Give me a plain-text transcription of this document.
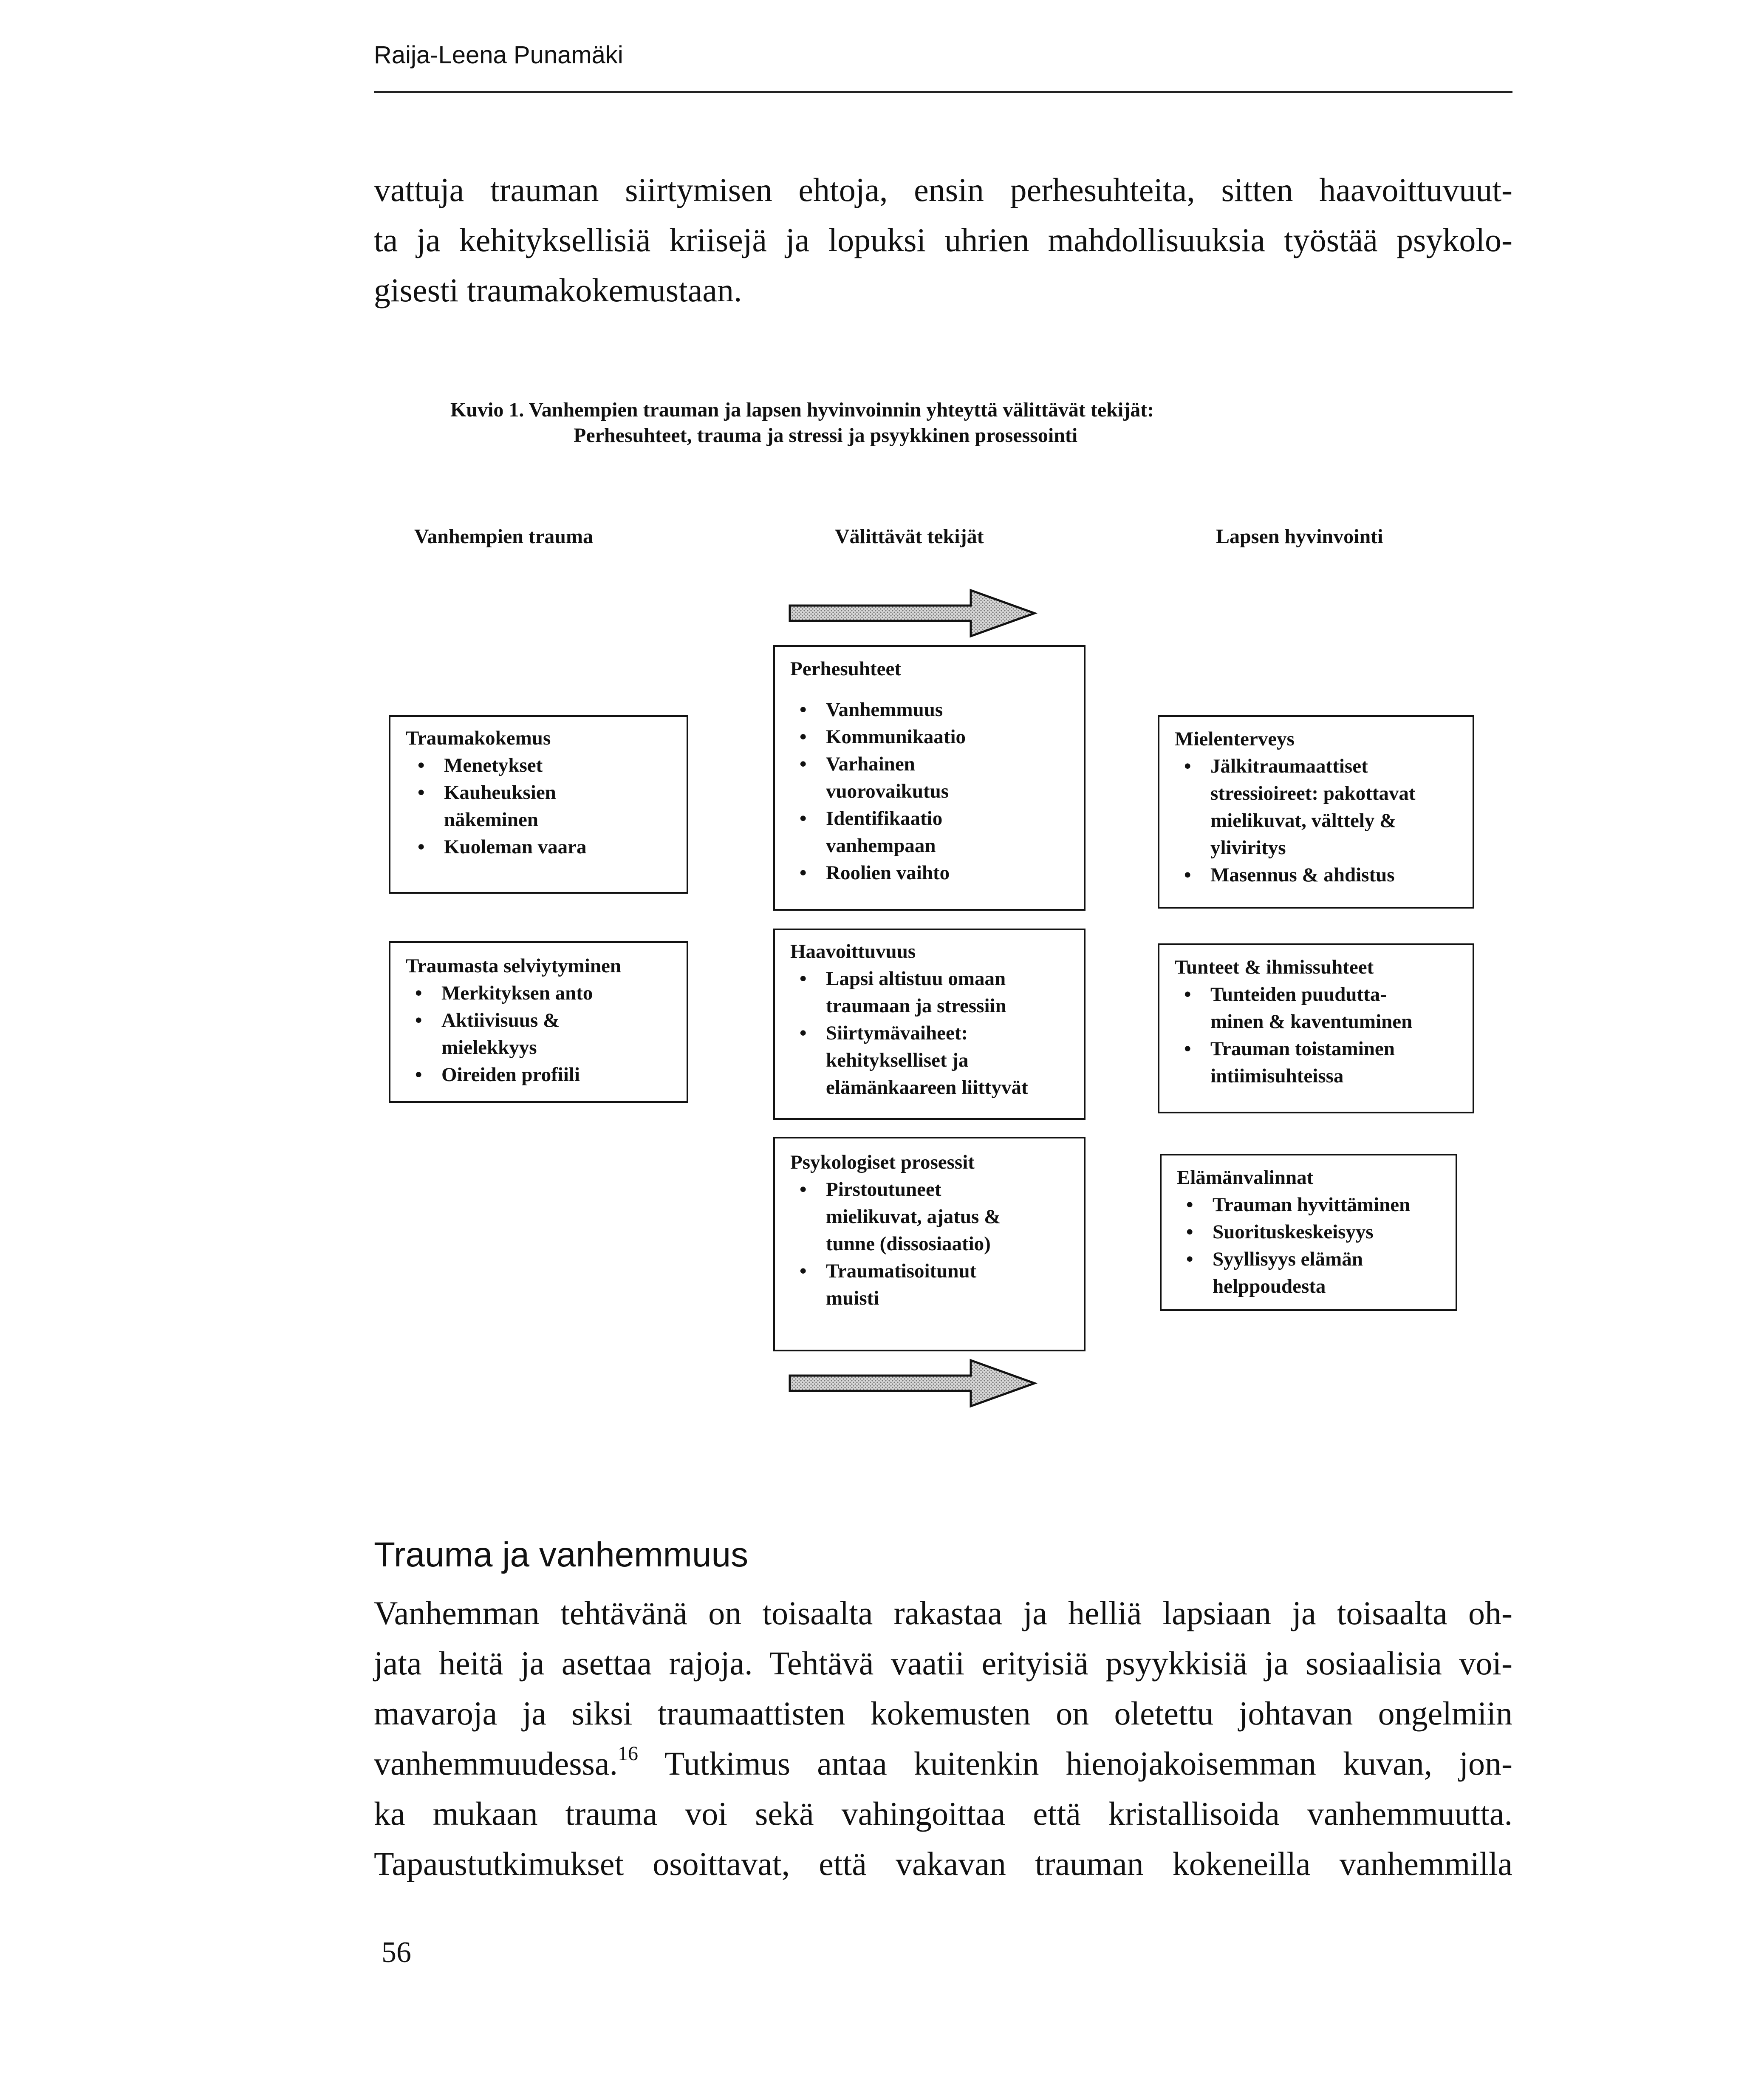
Raija-Leena Punamäki
vattuja trauman siirtymisen ehtoja, ensin perhesuhteita, sitten haavoittuvuut-
ta ja kehityksellisiä kriisejä ja lopuksi uhrien mahdollisuuksia työstää psykolo-
gisesti traumakokemustaan.
Kuvio 1. Vanhempien trauman ja lapsen hyvinvoinnin yhteyttä välittävät tekijät:
Perhesuhteet, trauma ja stressi ja psyykkinen prosessointi
Vanhempien trauma	Välittävät tekijät	Lapsen hyvinvointi
Traumakokemus
• Menetykset
• Kauheuksien
näkeminen
• Kuoleman vaara
Traumasta selviytyminen
• Merkityksen anto
• Aktiivisuus &
mielekkyys
• Oireiden profiili
Perhesuhteet
• Vanhemmuus
• Kommunikaatio
• Varhainen
vuorovaikutus
• Identifikaatio
vanhempaan
• Roolien vaihto
Haavoittuvuus
• Lapsi altistuu omaan
traumaan ja stressiin
• Siirtymävaiheet:
kehitykselliset ja
elämänkaareen liittyvät
Psykologiset prosessit
• Pirstoutuneet
mielikuvat, ajatus &
tunne (dissosiaatio)
• Traumatisoitunut
muisti
Mielenterveys
• Jälkitraumaattiset
stressioireet: pakottavat
mielikuvat, välttely &
yliviritys
• Masennus & ahdistus
Tunteet & ihmissuhteet
• Tunteiden puudutta-
minen & kaventuminen
• Trauman toistaminen
intiimisuhteissa
Elämänvalinnat
• Trauman hyvittäminen
• Suorituskeskeisyys
• Syyllisyys elämän
helppoudesta
Trauma ja vanhemmuus
Vanhemman tehtävänä on toisaalta rakastaa ja helliä lapsiaan ja toisaalta oh-
jata heitä ja asettaa rajoja. Tehtävä vaatii erityisiä psyykkisiä ja sosiaalisia voi-
mavaroja ja siksi traumaattisten kokemusten on oletettu johtavan ongelmiin
vanhemmuudessa.$^{16}$ Tutkimus antaa kuitenkin hienojakoisemman kuvan, jon-
ka mukaan trauma voi sekä vahingoittaa että kristallisoida vanhemmuutta.
Tapaustutkimukset osoittavat, että vakavan trauman kokeneilla vanhemmilla
56
